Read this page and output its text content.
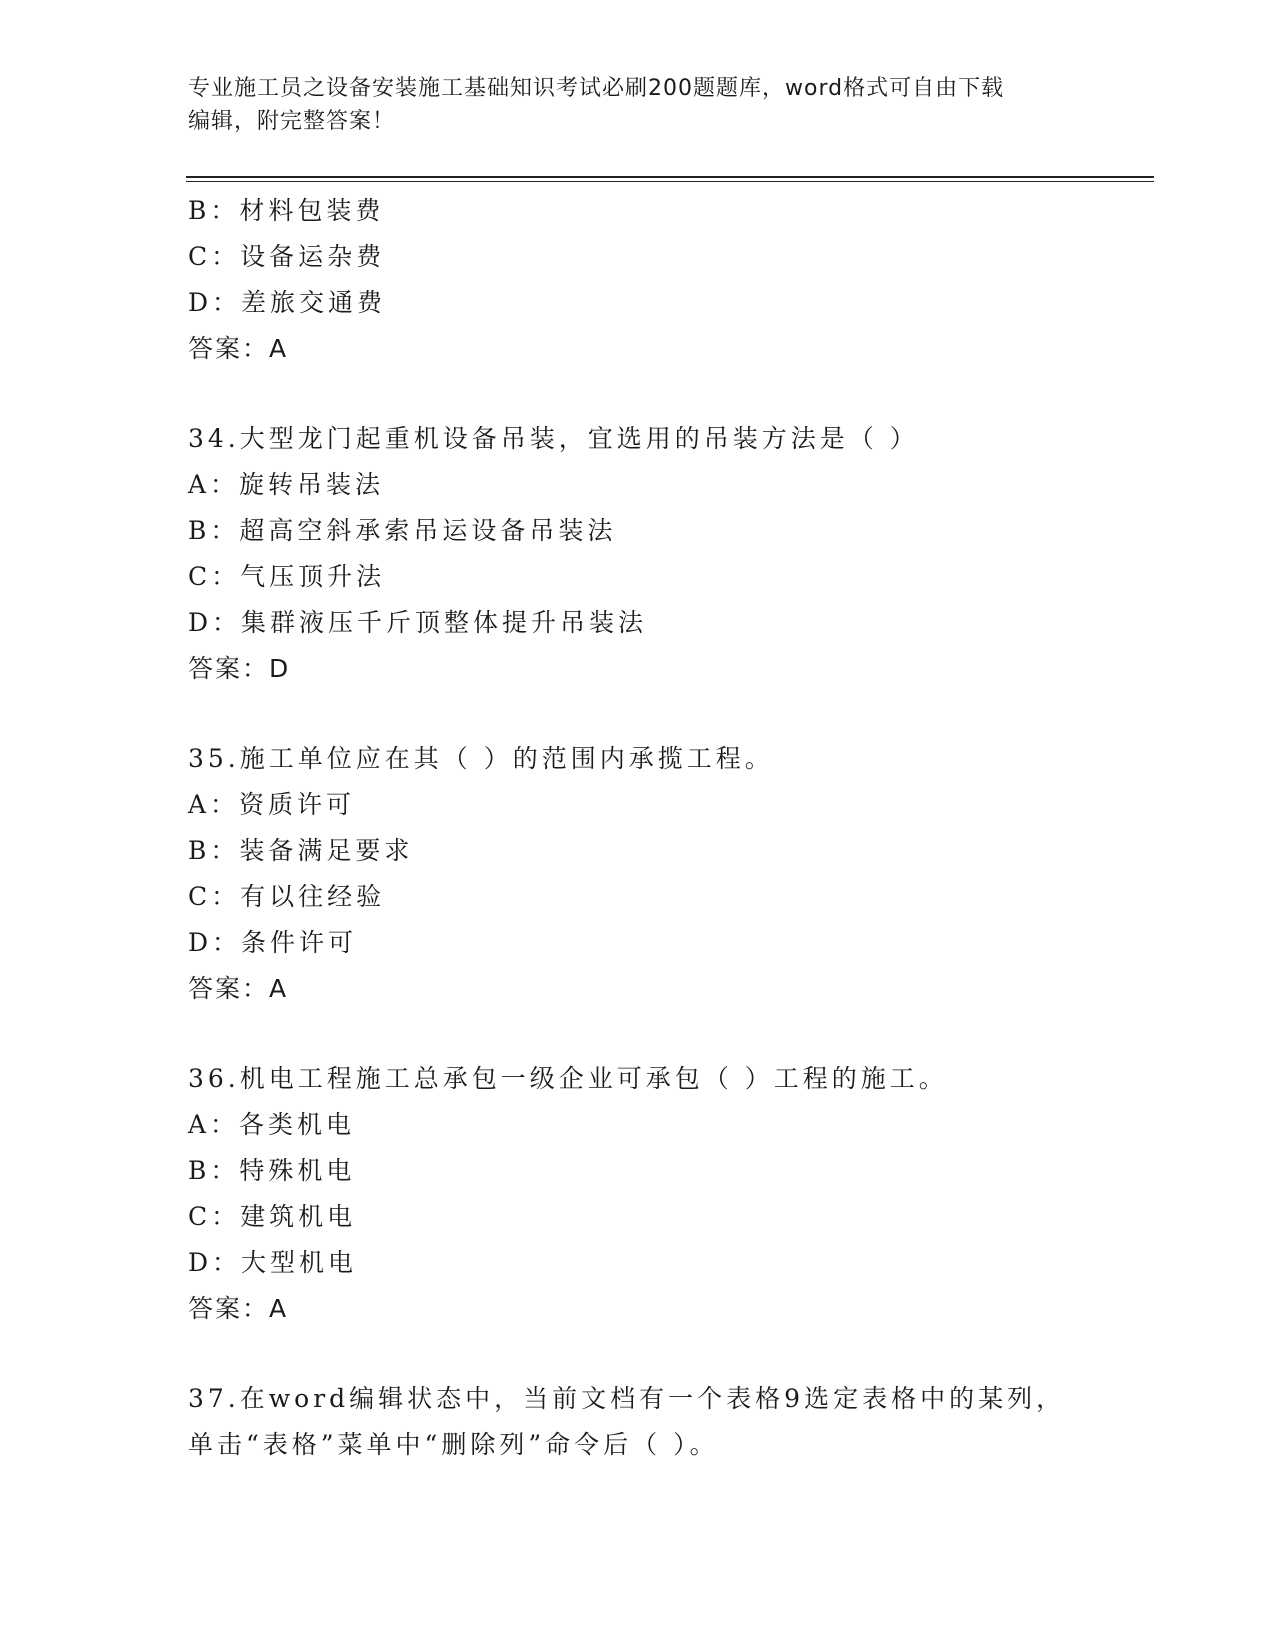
专业施工员之设备安装施工基础知识考试必刷200题题库，word格式可自由下载
编辑，附完整答案！
B：材料包装费
C：设备运杂费
D：差旅交通费
答案：A
34.大型龙门起重机设备吊装，宜选用的吊装方法是（ ）
A：旋转吊装法
B：超高空斜承索吊运设备吊装法
C：气压顶升法
D：集群液压千斤顶整体提升吊装法
答案：D
35.施工单位应在其（ ）的范围内承揽工程。
A：资质许可
B：装备满足要求
C：有以往经验
D：条件许可
答案：A
36.机电工程施工总承包一级企业可承包（ ）工程的施工。
A：各类机电
B：特殊机电
C：建筑机电
D：大型机电
答案：A
37.在word编辑状态中，当前文档有一个表格9选定表格中的某列，
单击“表格”菜单中“删除列”命令后（ ）。
